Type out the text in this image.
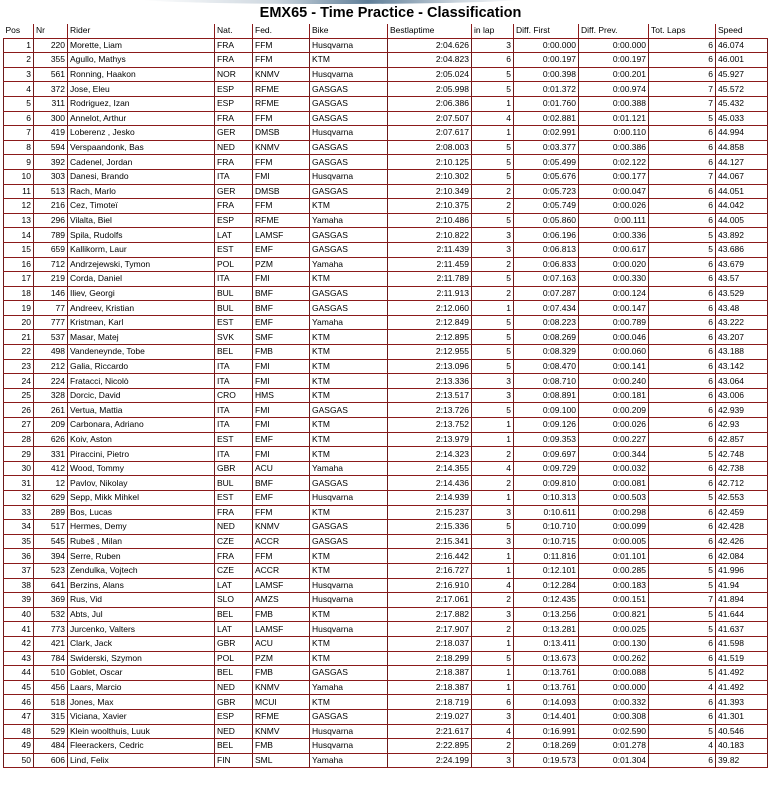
EMX65 - Time Practice - Classification
Pos	Nr	Rider	Nat.	Fed.	Bike	Bestlaptime	in lap	Diff. First	Diff. Prev.	Tot. Laps	Speed
1	220	Morette, Liam	FRA	FFM	Husqvarna	2:04.626	3	0:00.000	0:00.000	6	46.074
2	355	Agullo, Mathys	FRA	FFM	KTM	2:04.823	6	0:00.197	0:00.197	6	46.001
3	561	Ronning, Haakon	NOR	KNMV	Husqvarna	2:05.024	5	0:00.398	0:00.201	6	45.927
4	372	Jose, Eleu	ESP	RFME	GASGAS	2:05.998	5	0:01.372	0:00.974	7	45.572
5	311	Rodriguez, Izan	ESP	RFME	GASGAS	2:06.386	1	0:01.760	0:00.388	7	45.432
6	300	Annelot, Arthur	FRA	FFM	GASGAS	2:07.507	4	0:02.881	0:01.121	5	45.033
7	419	Loberenz , Jesko	GER	DMSB	Husqvarna	2:07.617	1	0:02.991	0:00.110	6	44.994
8	594	Verspaandonk, Bas	NED	KNMV	GASGAS	2:08.003	5	0:03.377	0:00.386	6	44.858
9	392	Cadenel, Jordan	FRA	FFM	GASGAS	2:10.125	5	0:05.499	0:02.122	6	44.127
10	303	Danesi, Brando	ITA	FMI	Husqvarna	2:10.302	5	0:05.676	0:00.177	7	44.067
11	513	Rach, Marlo	GER	DMSB	GASGAS	2:10.349	2	0:05.723	0:00.047	6	44.051
12	216	Cez, Timoteï	FRA	FFM	KTM	2:10.375	2	0:05.749	0:00.026	6	44.042
13	296	Vilalta, Biel	ESP	RFME	Yamaha	2:10.486	5	0:05.860	0:00.111	6	44.005
14	789	Spila, Rudolfs	LAT	LAMSF	GASGAS	2:10.822	3	0:06.196	0:00.336	5	43.892
15	659	Kallikorm, Laur	EST	EMF	GASGAS	2:11.439	3	0:06.813	0:00.617	5	43.686
16	712	Andrzejewski, Tymon	POL	PZM	Yamaha	2:11.459	2	0:06.833	0:00.020	6	43.679
17	219	Corda, Daniel	ITA	FMI	KTM	2:11.789	5	0:07.163	0:00.330	6	43.57
18	146	Iliev, Georgi	BUL	BMF	GASGAS	2:11.913	2	0:07.287	0:00.124	6	43.529
19	77	Andreev, Kristian	BUL	BMF	GASGAS	2:12.060	1	0:07.434	0:00.147	6	43.48
20	777	Kristman, Karl	EST	EMF	Yamaha	2:12.849	5	0:08.223	0:00.789	6	43.222
21	537	Masar, Matej	SVK	SMF	KTM	2:12.895	5	0:08.269	0:00.046	6	43.207
22	498	Vandeneynde, Tobe	BEL	FMB	KTM	2:12.955	5	0:08.329	0:00.060	6	43.188
23	212	Galia, Riccardo	ITA	FMI	KTM	2:13.096	5	0:08.470	0:00.141	6	43.142
24	224	Fratacci, Nicolò	ITA	FMI	KTM	2:13.336	3	0:08.710	0:00.240	6	43.064
25	328	Dorcic, David	CRO	HMS	KTM	2:13.517	3	0:08.891	0:00.181	6	43.006
26	261	Vertua, Mattia	ITA	FMI	GASGAS	2:13.726	5	0:09.100	0:00.209	6	42.939
27	209	Carbonara, Adriano	ITA	FMI	KTM	2:13.752	1	0:09.126	0:00.026	6	42.93
28	626	Koiv, Aston	EST	EMF	KTM	2:13.979	1	0:09.353	0:00.227	6	42.857
29	331	Piraccini, Pietro	ITA	FMI	KTM	2:14.323	2	0:09.697	0:00.344	5	42.748
30	412	Wood, Tommy	GBR	ACU	Yamaha	2:14.355	4	0:09.729	0:00.032	6	42.738
31	12	Pavlov, Nikolay	BUL	BMF	GASGAS	2:14.436	2	0:09.810	0:00.081	6	42.712
32	629	Sepp, Mikk Mihkel	EST	EMF	Husqvarna	2:14.939	1	0:10.313	0:00.503	5	42.553
33	289	Bos, Lucas	FRA	FFM	KTM	2:15.237	3	0:10.611	0:00.298	6	42.459
34	517	Hermes, Demy	NED	KNMV	GASGAS	2:15.336	5	0:10.710	0:00.099	6	42.428
35	545	Rubeš , Milan	CZE	ACCR	GASGAS	2:15.341	3	0:10.715	0:00.005	6	42.426
36	394	Serre, Ruben	FRA	FFM	KTM	2:16.442	1	0:11.816	0:01.101	6	42.084
37	523	Zendulka, Vojtech	CZE	ACCR	KTM	2:16.727	1	0:12.101	0:00.285	5	41.996
38	641	Berzins, Alans	LAT	LAMSF	Husqvarna	2:16.910	4	0:12.284	0:00.183	5	41.94
39	369	Rus, Vid	SLO	AMZS	Husqvarna	2:17.061	2	0:12.435	0:00.151	7	41.894
40	532	Abts, Jul	BEL	FMB	KTM	2:17.882	3	0:13.256	0:00.821	5	41.644
41	773	Jurcenko, Valters	LAT	LAMSF	Husqvarna	2:17.907	2	0:13.281	0:00.025	5	41.637
42	421	Clark, Jack	GBR	ACU	KTM	2:18.037	1	0:13.411	0:00.130	6	41.598
43	784	Swiderski, Szymon	POL	PZM	KTM	2:18.299	5	0:13.673	0:00.262	6	41.519
44	510	Goblet, Oscar	BEL	FMB	GASGAS	2:18.387	1	0:13.761	0:00.088	5	41.492
45	456	Laars, Marcio	NED	KNMV	Yamaha	2:18.387	1	0:13.761	0:00.000	4	41.492
46	518	Jones, Max	GBR	MCUI	KTM	2:18.719	6	0:14.093	0:00.332	6	41.393
47	315	Viciana, Xavier	ESP	RFME	GASGAS	2:19.027	3	0:14.401	0:00.308	6	41.301
48	529	Klein woolthuis, Luuk	NED	KNMV	Husqvarna	2:21.617	4	0:16.991	0:02.590	5	40.546
49	484	Fleerackers, Cedric	BEL	FMB	Husqvarna	2:22.895	2	0:18.269	0:01.278	4	40.183
50	606	Lind, Felix	FIN	SML	Yamaha	2:24.199	3	0:19.573	0:01.304	6	39.82
